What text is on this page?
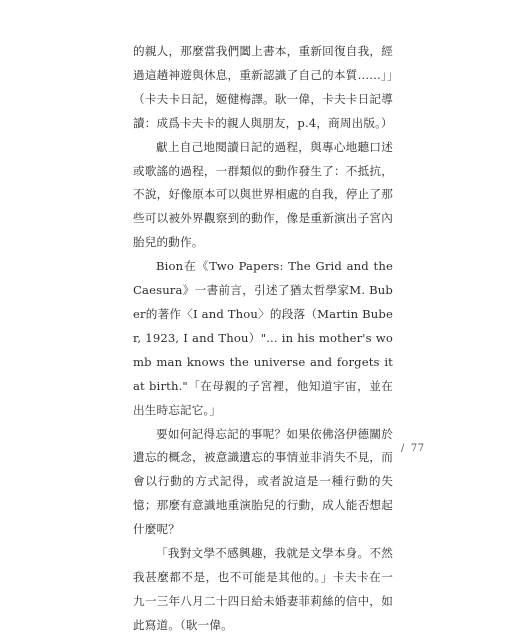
的親人，那麼當我們闔上書本，重新回復自我，經過這趟神遊與休息，重新認識了自己的本質……」」（卡夫卡日記，姬健梅譯。耿一偉，卡夫卡日記導讀：成爲卡夫卡的親人與朋友，p.4，商周出版。）

獻上自己地閱讀日記的過程，與專心地聽口述或歌謠的過程，一群類似的動作發生了：不抵抗，不說，好像原本可以與世界相處的自我，停止了那些可以被外界觀察到的動作，像是重新演出子宮內胎兒的動作。

Bion在《Two Papers: The Grid and the Caesura》一書前言，引述了猶太哲學家M. Buber的著作〈I and Thou〉的段落（Martin Buber, 1923, I and Thou）"... in his mother's womb man knows the universe and forgets it at birth."「在母親的子宮裡，他知道宇宙，並在出生時忘記它。」

要如何記得忘記的事呢？如果依佛洛伊德關於遺忘的概念，被意識遺忘的事情並非消失不見，而會以行動的方式記得，或者說這是一種行動的失憶；那麼有意識地重演胎兒的行動，成人能否想起什麼呢？

「我對文學不感興趣，我就是文學本身。不然我甚麼都不是，也不可能是其他的。」卡夫卡在一九一三年八月二十四日給未婚妻菲莉絲的信中，如此寫道。（耿一偉。

/ 77
